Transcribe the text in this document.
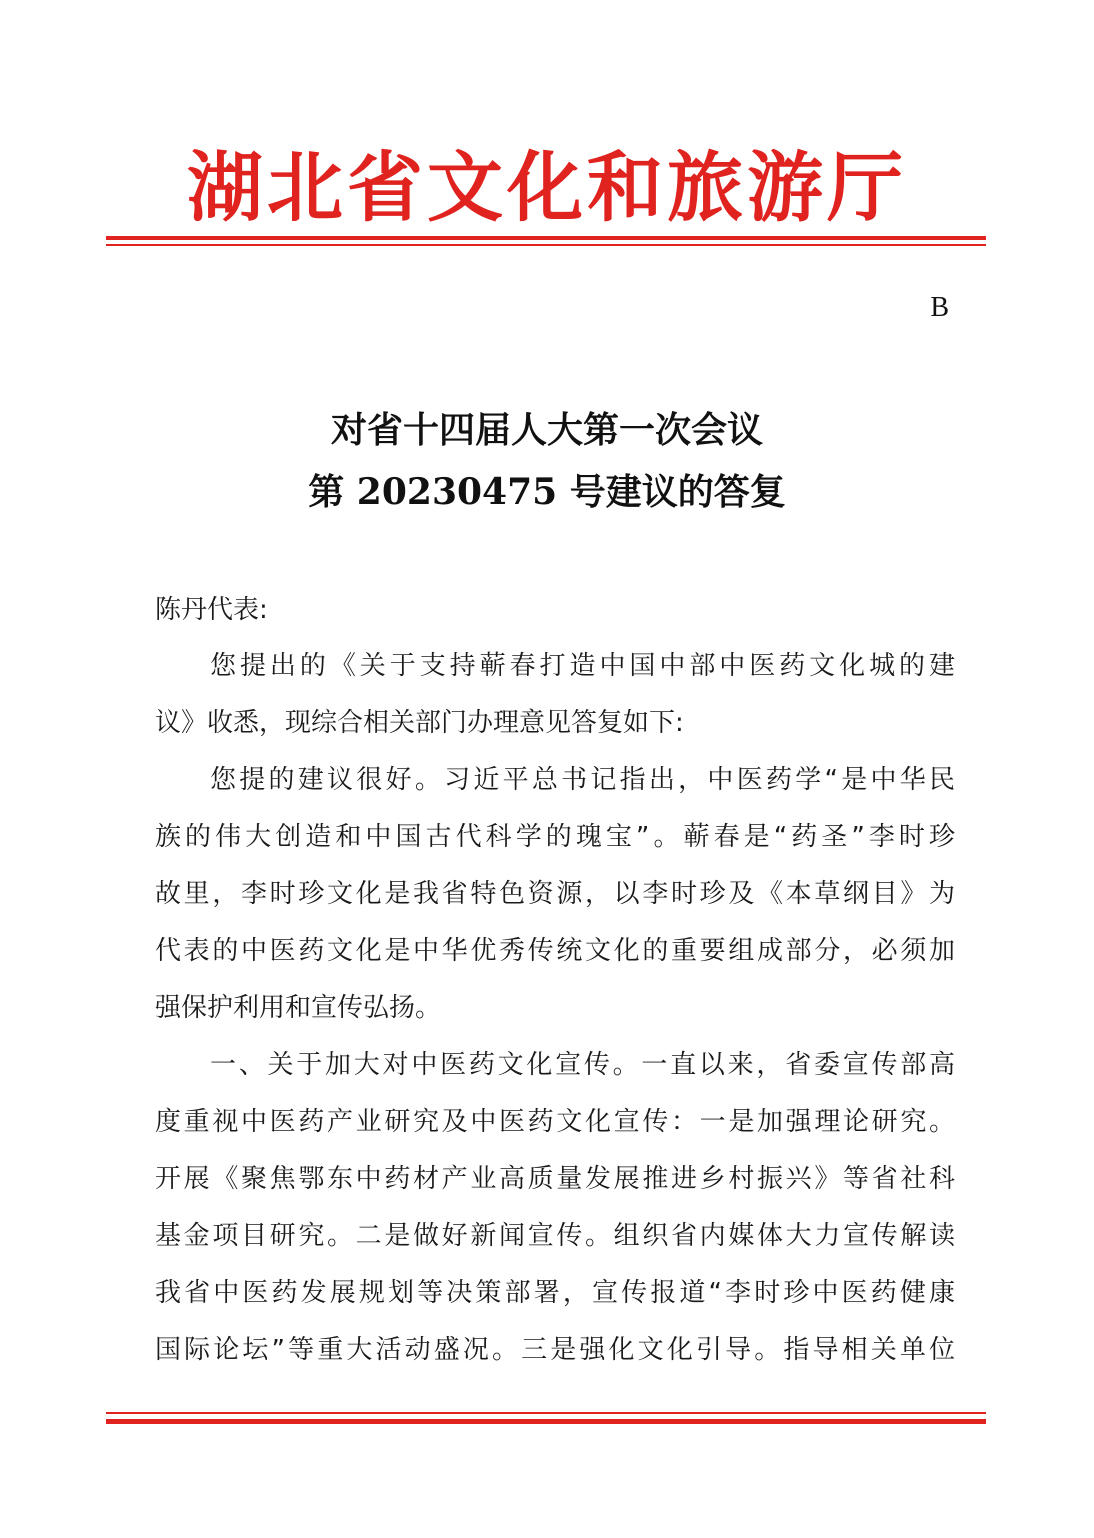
湖北省文化和旅游厅
B
对省十四届人大第一次会议
第 20230475 号建议的答复
陈丹代表:
您提出的《关于支持蕲春打造中国中部中医药文化城的建
议》收悉，现综合相关部门办理意见答复如下:
您提的建议很好。习近平总书记指出，中医药学“是中华民
族的伟大创造和中国古代科学的瑰宝”。蕲春是“药圣”李时珍
故里，李时珍文化是我省特色资源，以李时珍及《本草纲目》为
代表的中医药文化是中华优秀传统文化的重要组成部分，必须加
强保护利用和宣传弘扬。
一、关于加大对中医药文化宣传。一直以来，省委宣传部高
度重视中医药产业研究及中医药文化宣传：一是加强理论研究。
开展《聚焦鄂东中药材产业高质量发展推进乡村振兴》等省社科
基金项目研究。二是做好新闻宣传。组织省内媒体大力宣传解读
我省中医药发展规划等决策部署，宣传报道“李时珍中医药健康
国际论坛”等重大活动盛况。三是强化文化引导。指导相关单位
